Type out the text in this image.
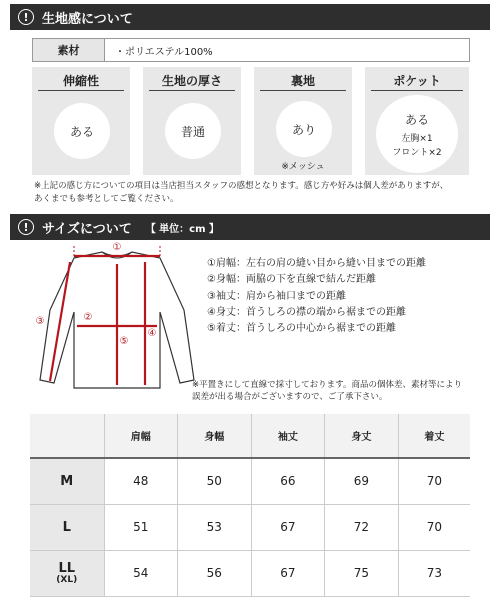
!	生地感について
素材	・ポリエステル100%
伸縮性
ある
生地の厚さ
普通
裏地
あり
※メッシュ
ポケット
ある
左胸×1
フロント×2
※上記の感じ方についての項目は当店担当スタッフの感想となります。感じ方や好みは個人差がありますが、
あくまでも参考としてご覧ください。
!	サイズについて 【 単位：cm 】
①
②
③
④
⑤
①肩幅：左右の肩の縫い目から縫い目までの距離
②身幅：両脇の下を直線で結んだ距離
③袖丈：肩から袖口までの距離
④身丈：首うしろの襟の端から裾までの距離
⑤着丈：首うしろの中心から裾までの距離
※平置きにして直線で採寸しております。商品の個体差、素材等により
誤差が出る場合がございますので、ご了承下さい。
	肩幅	身幅	袖丈	身丈	着丈
M	48	50	66	69	70
L	51	53	67	72	70
LL
(XL)	54	56	67	75	73
